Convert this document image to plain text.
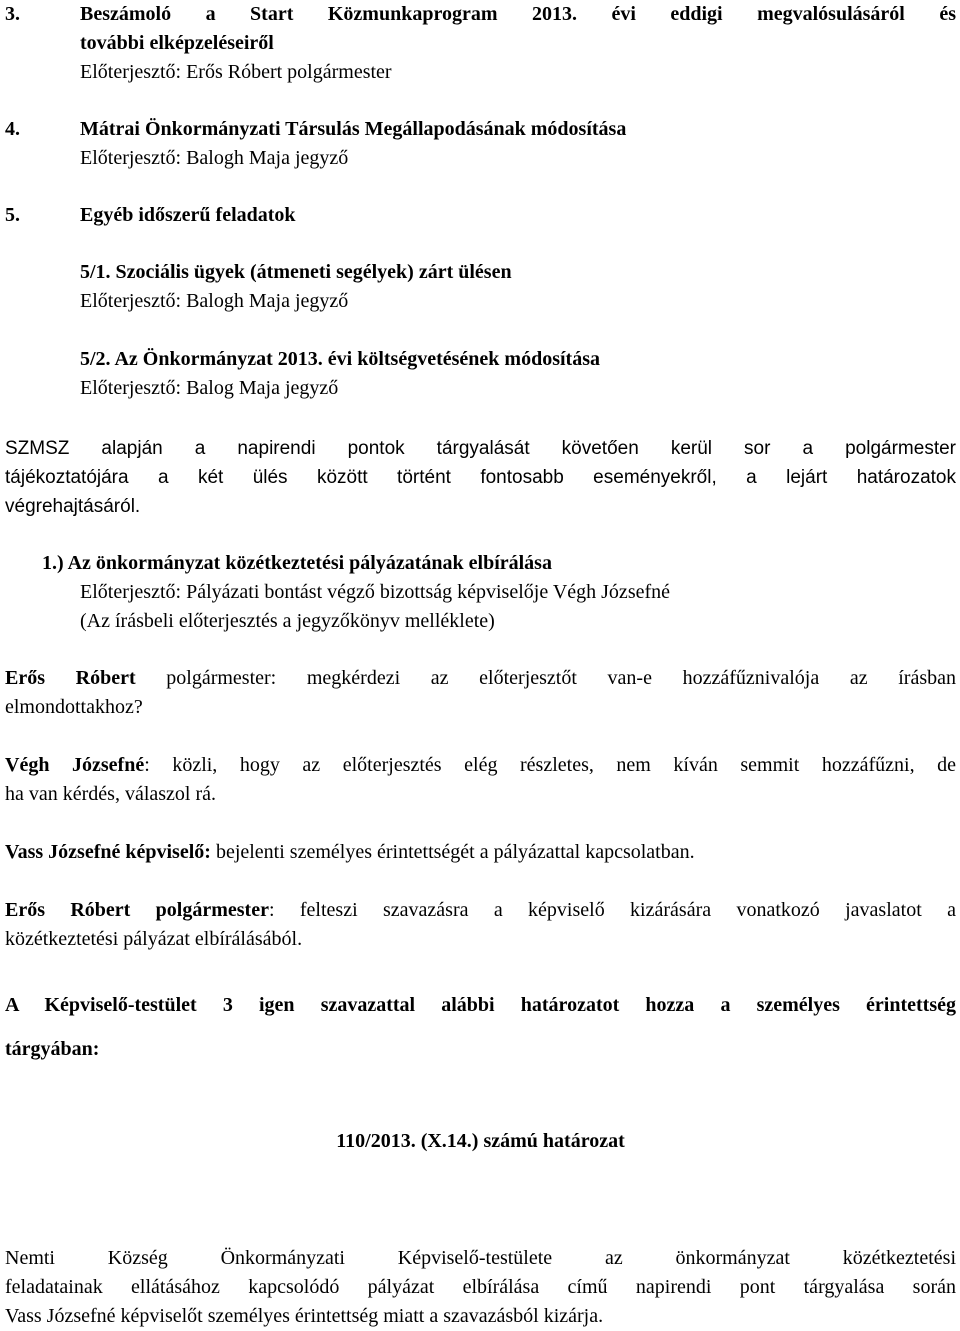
3.	Beszámoló a Start Közmunkaprogram 2013. évi eddigi megvalósulásáról és
további elképzeléseiről
Előterjesztő: Erős Róbert polgármester
4.	Mátrai Önkormányzati Társulás Megállapodásának módosítása
Előterjesztő: Balogh Maja jegyző
5.	Egyéb időszerű feladatok
5/1. Szociális ügyek (átmeneti segélyek) zárt ülésen
Előterjesztő: Balogh Maja jegyző
5/2. Az Önkormányzat 2013. évi költségvetésének módosítása
Előterjesztő: Balog Maja jegyző
SZMSZ alapján a napirendi pontok tárgyalását követően kerül sor a polgármester
tájékoztatójára a két ülés között történt fontosabb eseményekről, a lejárt határozatok
végrehajtásáról.
1.) Az önkormányzat közétkeztetési pályázatának elbírálása
Előterjesztő: Pályázati bontást végző bizottság képviselője Végh Józsefné
(Az írásbeli előterjesztés a jegyzőkönyv melléklete)
Erős Róbert polgármester: megkérdezi az előterjesztőt van-e hozzáfűznivalója az írásban
elmondottakhoz?
Végh Józsefné: közli, hogy az előterjesztés elég részletes, nem kíván semmit hozzáfűzni, de
ha van kérdés, válaszol rá.
Vass Józsefné képviselő: bejelenti személyes érintettségét a pályázattal kapcsolatban.
Erős Róbert polgármester: felteszi szavazásra a képviselő kizárására vonatkozó javaslatot a
közétkeztetési pályázat elbírálásából.
A Képviselő-testület 3 igen szavazattal alábbi határozatot hozza a személyes érintettség
tárgyában:
110/2013. (X.14.) számú határozat
Nemti Község Önkormányzati Képviselő-testülete az önkormányzat közétkeztetési
feladatainak ellátásához kapcsolódó pályázat elbírálása című napirendi pont tárgyalása során
Vass Józsefné képviselőt személyes érintettség miatt a szavazásból kizárja.
